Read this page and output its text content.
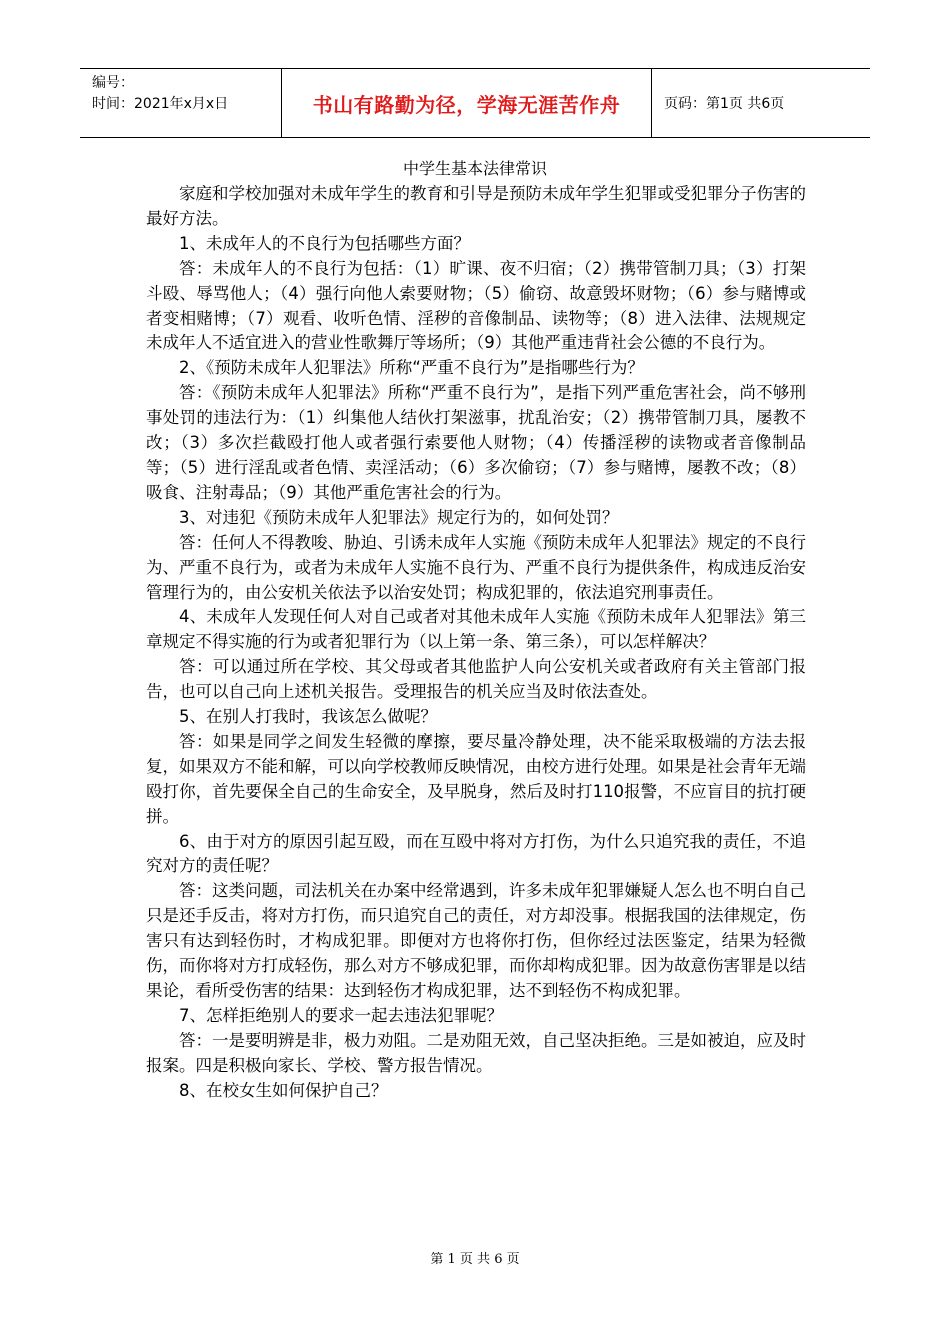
编号：
时间：2021年x月x日	书山有路勤为径，学海无涯苦作舟	页码：第1页 共6页
中学生基本法律常识

家庭和学校加强对未成年学生的教育和引导是预防未成年学生犯罪或受犯罪分子伤害的最好方法。

1、未成年人的不良行为包括哪些方面？

答：未成年人的不良行为包括：（1）旷课、夜不归宿；（2）携带管制刀具；（3）打架斗殴、辱骂他人；（4）强行向他人索要财物；（5）偷窃、故意毁坏财物；（6）参与赌博或者变相赌博；（7）观看、收听色情、淫秽的音像制品、读物等；（8）进入法律、法规规定未成年人不适宜进入的营业性歌舞厅等场所；（9）其他严重违背社会公德的不良行为。

2、《预防未成年人犯罪法》所称“严重不良行为”是指哪些行为？

答：《预防未成年人犯罪法》所称“严重不良行为”，是指下列严重危害社会，尚不够刑事处罚的违法行为：（1）纠集他人结伙打架滋事，扰乱治安；（2）携带管制刀具，屡教不改；（3）多次拦截殴打他人或者强行索要他人财物；（4）传播淫秽的读物或者音像制品等；（5）进行淫乱或者色情、卖淫活动；（6）多次偷窃；（7）参与赌博，屡教不改；（8）吸食、注射毒品；（9）其他严重危害社会的行为。

3、对违犯《预防未成年人犯罪法》规定行为的，如何处罚？

答：任何人不得教唆、胁迫、引诱未成年人实施《预防未成年人犯罪法》规定的不良行为、严重不良行为，或者为未成年人实施不良行为、严重不良行为提供条件，构成违反治安管理行为的，由公安机关依法予以治安处罚；构成犯罪的，依法追究刑事责任。

4、未成年人发现任何人对自己或者对其他未成年人实施《预防未成年人犯罪法》第三章规定不得实施的行为或者犯罪行为（以上第一条、第三条），可以怎样解决？

答：可以通过所在学校、其父母或者其他监护人向公安机关或者政府有关主管部门报告，也可以自己向上述机关报告。受理报告的机关应当及时依法查处。

5、在别人打我时，我该怎么做呢？

答：如果是同学之间发生轻微的摩擦，要尽量冷静处理，决不能采取极端的方法去报复，如果双方不能和解，可以向学校教师反映情况，由校方进行处理。如果是社会青年无端殴打你，首先要保全自己的生命安全，及早脱身，然后及时打110报警，不应盲目的抗打硬拼。

6、由于对方的原因引起互殴，而在互殴中将对方打伤，为什么只追究我的责任，不追究对方的责任呢？

答：这类问题，司法机关在办案中经常遇到，许多未成年犯罪嫌疑人怎么也不明白自己只是还手反击，将对方打伤，而只追究自己的责任，对方却没事。根据我国的法律规定，伤害只有达到轻伤时，才构成犯罪。即便对方也将你打伤，但你经过法医鉴定，结果为轻微伤，而你将对方打成轻伤，那么对方不够成犯罪，而你却构成犯罪。因为故意伤害罪是以结果论，看所受伤害的结果：达到轻伤才构成犯罪，达不到轻伤不构成犯罪。

7、怎样拒绝别人的要求一起去违法犯罪呢？

答：一是要明辨是非，极力劝阻。二是劝阻无效，自己坚决拒绝。三是如被迫，应及时报案。四是积极向家长、学校、警方报告情况。

8、在校女生如何保护自己？

第 1 页 共 6 页
